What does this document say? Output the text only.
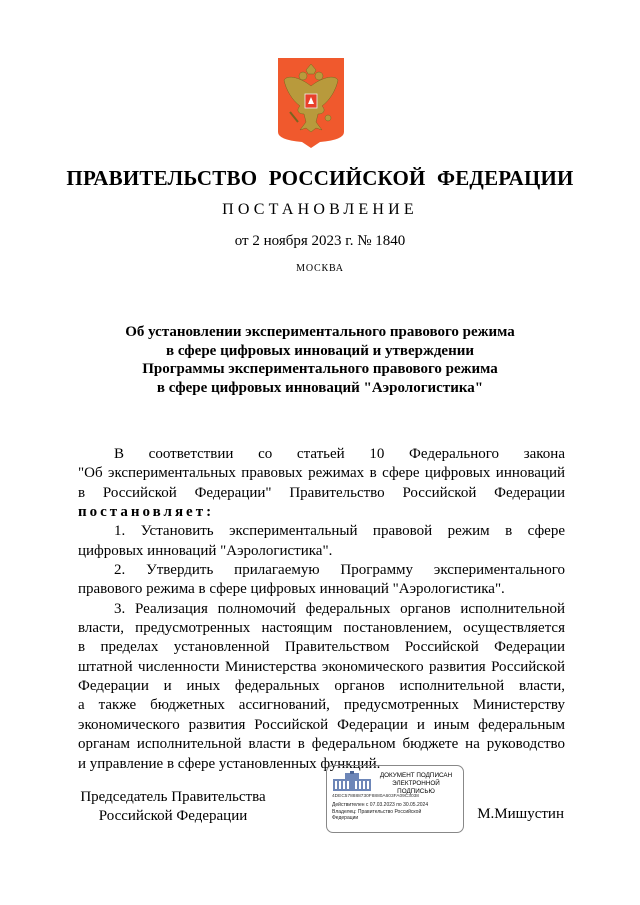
ПРАВИТЕЛЬСТВО РОССИЙСКОЙ ФЕДЕРАЦИИ
ПОСТАНОВЛЕНИЕ
от 2 ноября 2023 г. № 1840
МОСКВА
Об установлении экспериментального правового режима
в сфере цифровых инноваций и утверждении
Программы экспериментального правового режима
в сфере цифровых инноваций "Аэрологистика"
В соответствии со статьей 10 Федерального закона
"Об экспериментальных правовых режимах в сфере цифровых инноваций
в Российской Федерации" Правительство Российской Федерации
постановляет:
1. Установить экспериментальный правовой режим в сфере
цифровых инноваций "Аэрологистика".
2. Утвердить прилагаемую Программу экспериментального
правового режима в сфере цифровых инноваций "Аэрологистика".
3. Реализация полномочий федеральных органов исполнительной
власти, предусмотренных настоящим постановлением, осуществляется
в пределах установленной Правительством Российской Федерации
штатной численности Министерства экономического развития Российской
Федерации и иных федеральных органов исполнительной власти,
а также бюджетных ассигнований, предусмотренных Министерству
экономического развития Российской Федерации и иным федеральным
органам исполнительной власти в федеральном бюджете на руководство
и управление в сфере установленных функций.
Председатель Правительства
Российской Федерации
ДОКУМЕНТ ПОДПИСАН
ЭЛЕКТРОННОЙ ПОДПИСЬЮ
4DEC578888730F8880A603FA09C3038
Действителен с 07.03.2023 по 30.05.2024
Владелец: Правительство Российской
Федерации	М.Мишустин
